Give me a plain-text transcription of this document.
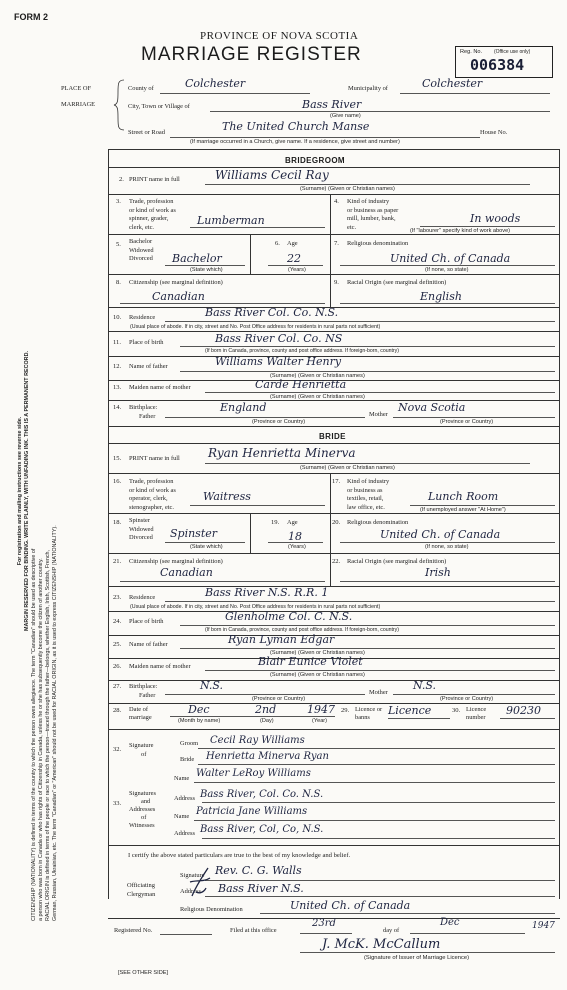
FORM 2
PROVINCE OF NOVA SCOTIA
MARRIAGE REGISTER	Reg. No. (Office use only)
006384
PLACE OF
MARRIAGE
County of	Colchester	Municipality of	Colchester
City, Town or Village of	Bass River
(Give name)
Street or Road	The United Church Manse	House No.
(If marriage occurred in a Church, give name. If a residence, give street and number)
BRIDEGROOM
2. PRINT name in full	Williams Cecil Ray
(Surname) (Given or Christian names)
3. Trade, profession
or kind of work as
spinner, grader,
clerk, etc.	Lumberman
4. Kind of industry
or business as paper
mill, lumber, bank,
etc.
In woods
(If "labourer" specify kind of work above)
5. Bachelor
Widowed
Divorced Bachelor
(State which)
6. Age
22
(Years)
7. Religious denomination
United Ch. of Canada
(If none, so state)
8. Citizenship (see marginal definition)
Canadian
9. Racial Origin (see marginal definition)
English
10. Residence	Bass River Col. Co. N.S.
(Usual place of abode. If in city, street and No. Post Office address for residents in rural parts not sufficient)
11. Place of birth	Bass River Col. Co. NS
(If born in Canada, province, county and post office address. If foreign-born, country)
12. Name of father	Williams Walter Henry
(Surname) (Given or Christian names)
13. Maiden name of mother	Carde Henrietta
(Surname) (Given or Christian names)
14. Birthplace:
Father
England
(Province or Country)
Mother
Nova Scotia
(Province or Country)
BRIDE
15. PRINT name in full Ryan Henrietta Minerva
(Surname) (Given or Christian names)
16. Trade, profession
or kind of work as
operator, clerk,
stenographer, etc.
Waitress
17. Kind of industry
or business as
textiles, retail,
law office, etc.
Lunch Room
(If unemployed answer "At Home")
18. Spinster
Widowed
Divorced Spinster
(State which)
19. Age
18
(Years)
20. Religious denomination
United Ch. of Canada
(If none, so state)
21. Citizenship (see marginal definition)
Canadian
22. Racial Origin (see marginal definition)
Irish
23. Residence	Bass River N.S. R.R. 1
(Usual place of abode. If in city, street and No. Post Office address for residents in rural parts not sufficient)
24. Place of birth	Glenholme Col. C. N.S.
(If born in Canada, province, county and post office address. If foreign-born, country)
25. Name of father	Ryan Lyman Edgar
(Surname) (Given or Christian names)
26. Maiden name of mother	Blair Eunice Violet
(Surname) (Given or Christian names)
27. Birthplace:
Father
N.S.
(Province or Country)
Mother
N.S.
(Province or Country)
28. Date of marriage
Dec	2nd	1947
(Month by name)	(Day)	(Year)
29. Licence or banns
Licence	30. Licence number
90230
32.
Signature
of
Groom Cecil Ray Williams
Bride Henrietta Minerva Ryan
33.
Signatures
and
Addresses
of
Witnesses
Name Walter LeRoy Williams
Address Bass River, Col. Co. N.S.
Name Patricia Jane Williams
Address Bass River, Col, Co, N.S.
I certify the above stated particulars are true to the best of my knowledge and belief.
Officiating
Clergyman
Signature Rev. C. G. Walls
Address Bass River N.S.
Religious Denomination	United Ch. of Canada
Registered No.	Filed at this office
23rd
day of
Dec	1947
J. McK. McCallum
(Signature of Issuer of Marriage Licence)
[SEE OTHER SIDE]
For registration and mailing instructions see reverse side. MARGIN RESERVED FOR BINDING. WRITE PLAINLY, WITH UNFADING INK. THIS IS A PERMANENT RECORD.
CITIZENSHIP (NATIONALITY) is defined in terms of the country to which the person owes allegiance. The term "Canadian" should be used as descriptive of a person who was born in Canada or who has rights of Citizenship in Canada, unless he or she has subsequently become the citizen of another country. RACIAL ORIGIN is defined in terms of the people or race to which the person—traced through the father—belongs, whether English, Irish, Scottish, French, German, Russian, Ukrainian, etc. The term "Canadian" or "American" should not be used for RACIAL ORIGIN, as it is used to express CITIZENSHIP (NATIONALITY).
